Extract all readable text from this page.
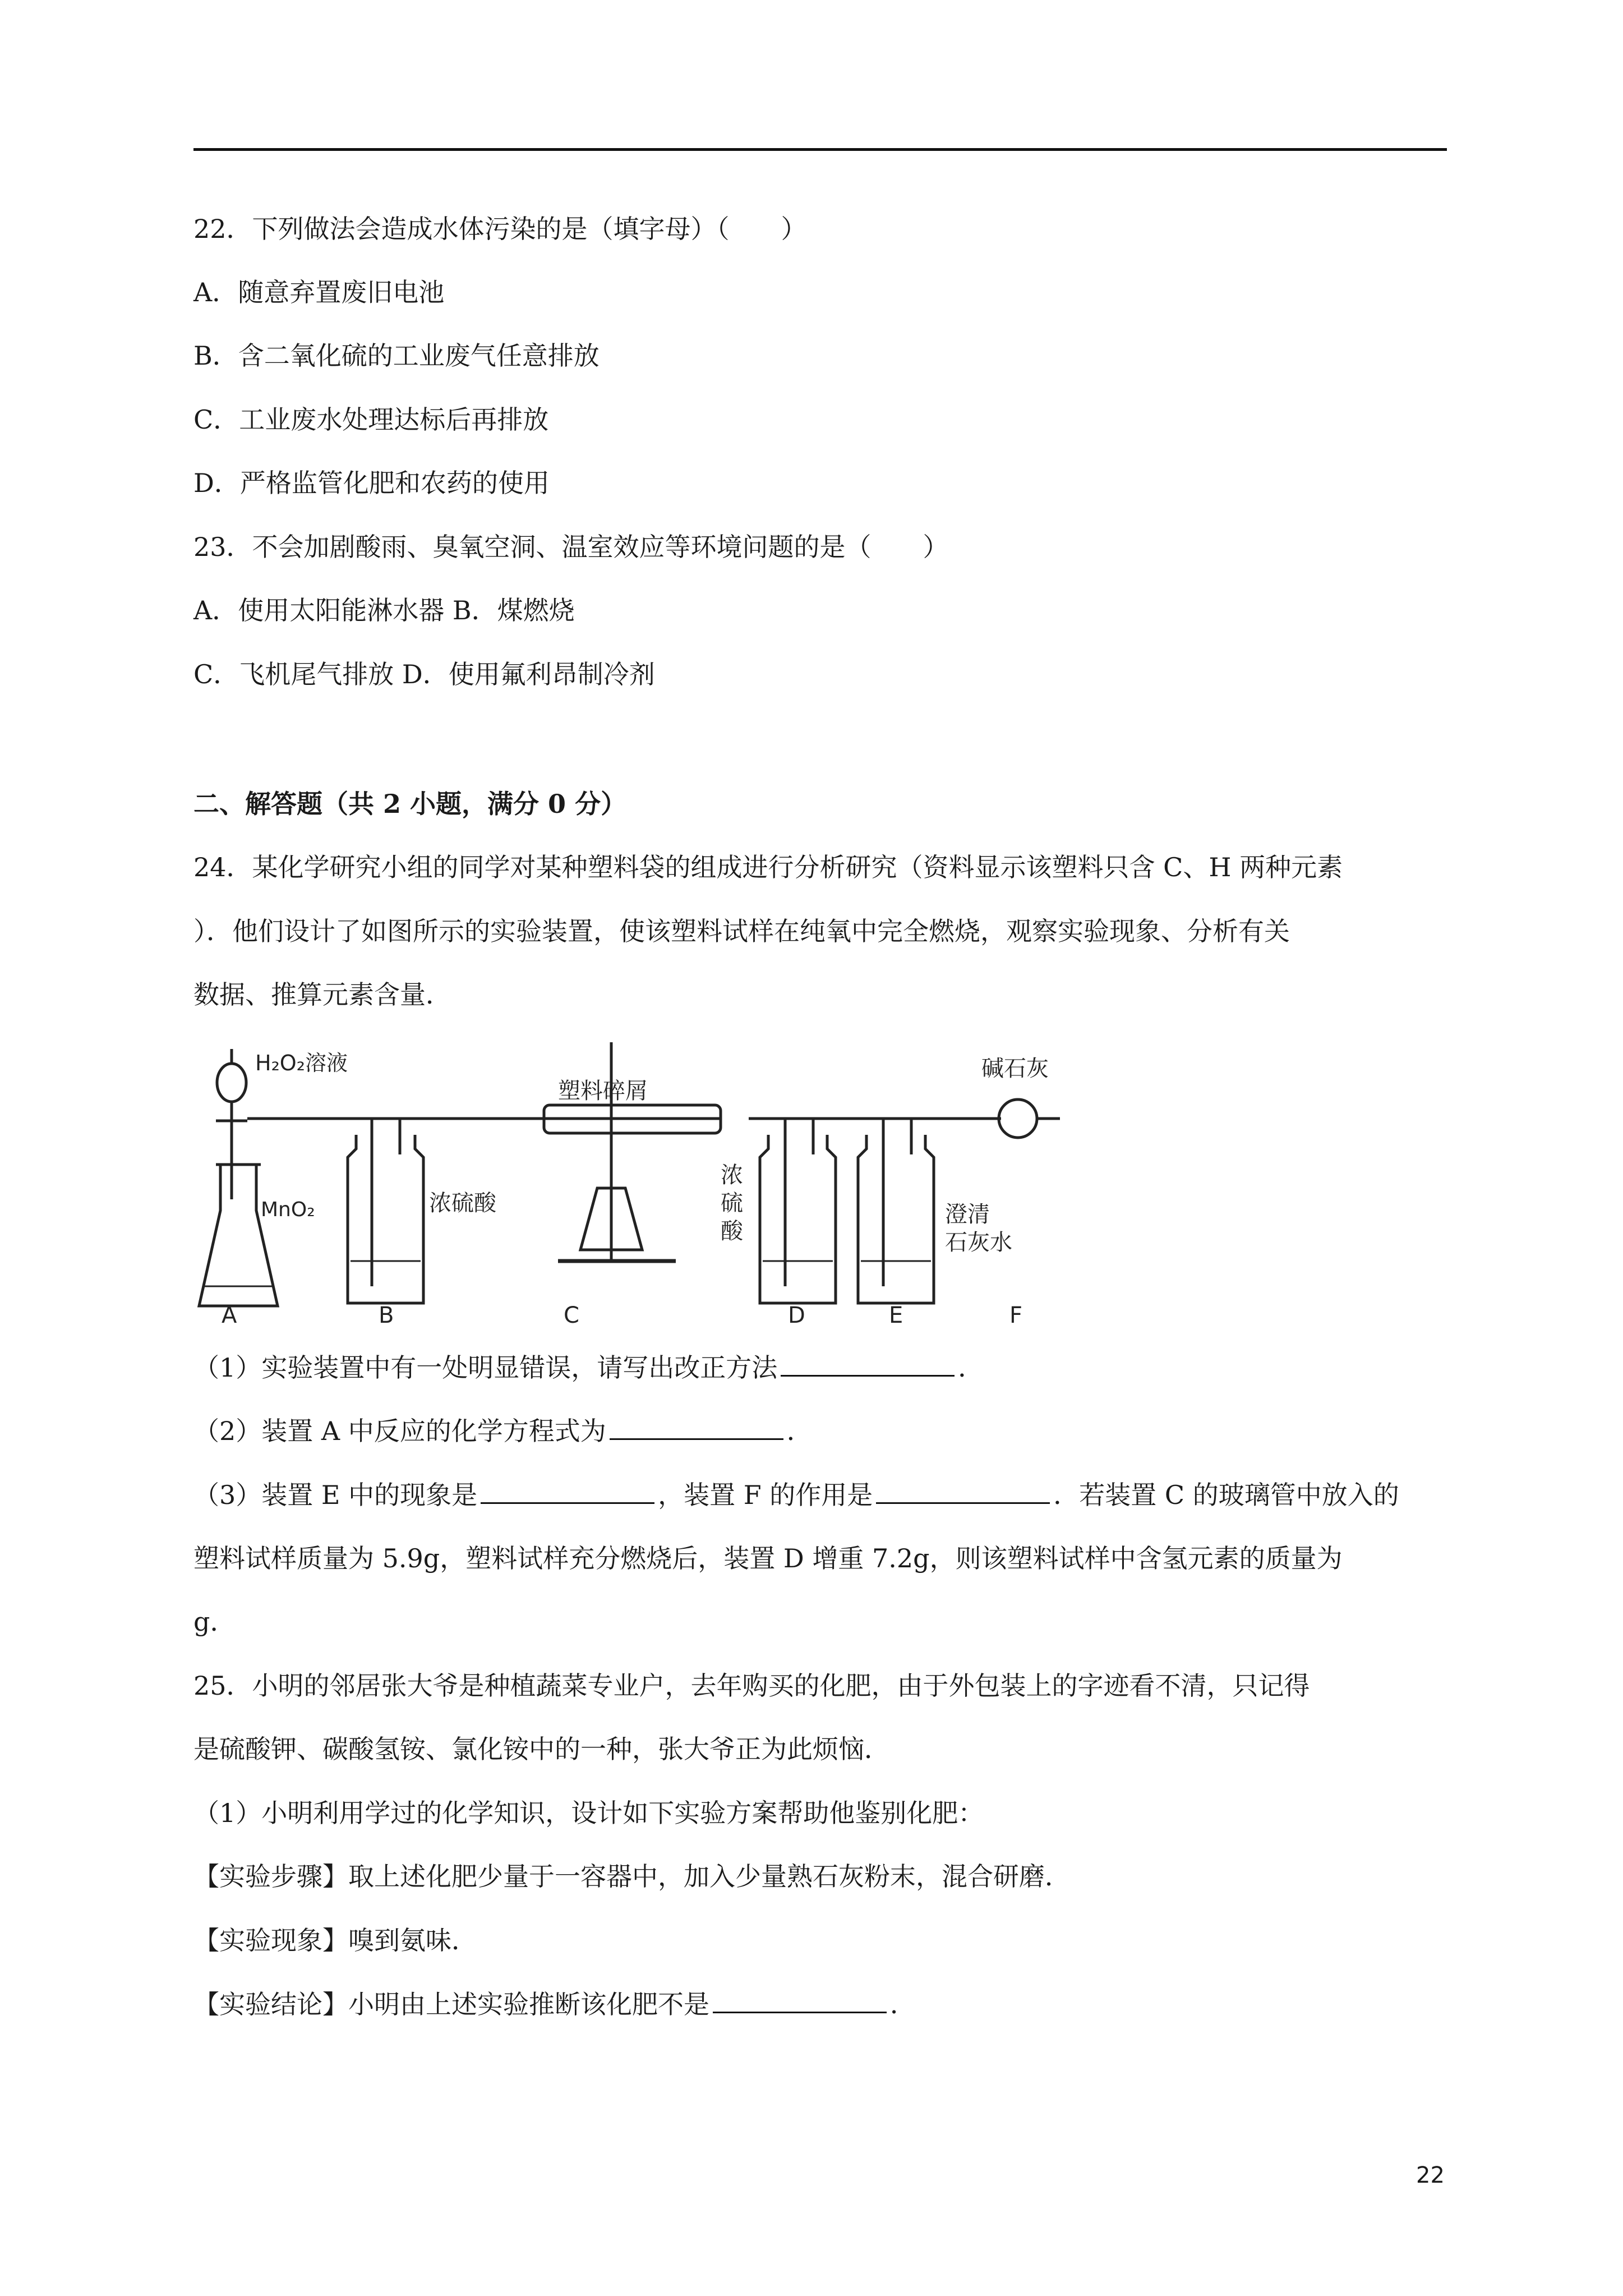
22．下列做法会造成水体污染的是（填字母）（　　）
A．随意弃置废旧电池
B．含二氧化硫的工业废气任意排放
C．工业废水处理达标后再排放
D．严格监管化肥和农药的使用
23．不会加剧酸雨、臭氧空洞、温室效应等环境问题的是（　　）
A．使用太阳能淋水器 B．煤燃烧
C．飞机尾气排放 D．使用氟利昂制冷剂
二、解答题（共 2 小题，满分 0 分）
24．某化学研究小组的同学对某种塑料袋的组成进行分析研究（资料显示该塑料只含 C、H 两种元素
）．他们设计了如图所示的实验装置，使该塑料试样在纯氧中完全燃烧，观察实验现象、分析有关
数据、推算元素含量．
H₂O₂溶液
MnO₂	浓硫酸
塑料碎屑
浓
硫
酸
碱石灰
澄清
石灰水
A	B	C	D	E	F
（1）实验装置中有一处明显错误，请写出改正方法	．
（2）装置 A 中反应的化学方程式为	．
（3）装置 E 中的现象是	，装置 F 的作用是	．若装置 C 的玻璃管中放入的
塑料试样质量为 5.9g，塑料试样充分燃烧后，装置 D 增重 7.2g，则该塑料试样中含氢元素的质量为
g．
25．小明的邻居张大爷是种植蔬菜专业户，去年购买的化肥，由于外包装上的字迹看不清，只记得
是硫酸钾、碳酸氢铵、氯化铵中的一种，张大爷正为此烦恼．
（1）小明利用学过的化学知识，设计如下实验方案帮助他鉴别化肥：
【实验步骤】取上述化肥少量于一容器中，加入少量熟石灰粉末，混合研磨．
【实验现象】嗅到氨味．
【实验结论】小明由上述实验推断该化肥不是	．
22
